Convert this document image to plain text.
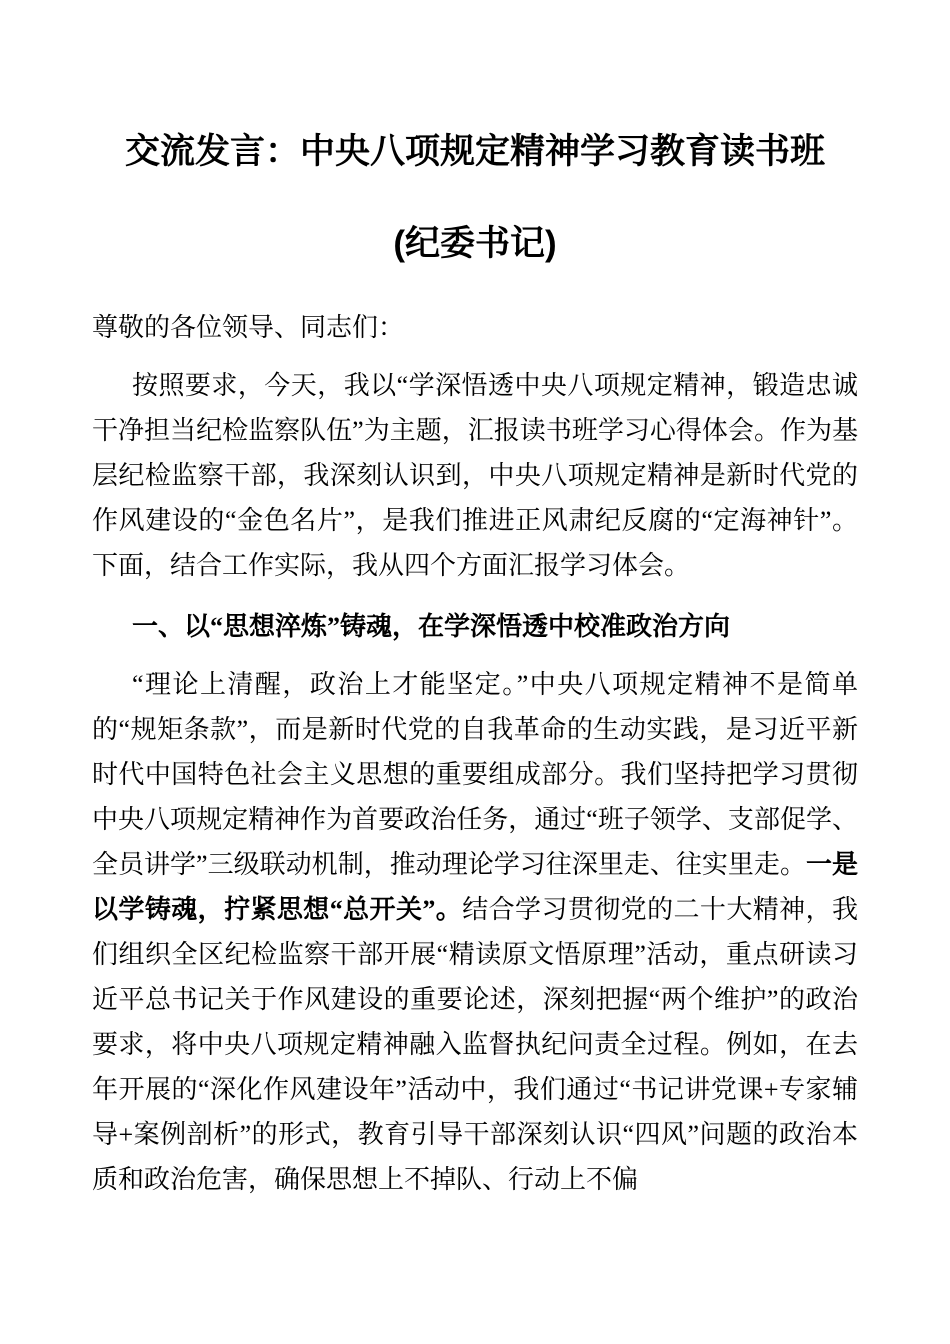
交流发言：中央八项规定精神学习教育读书班
(纪委书记)

尊敬的各位领导、同志们：

按照要求，今天，我以“学深悟透中央八项规定精神，锻造忠诚干净担当纪检监察队伍”为主题，汇报读书班学习心得体会。作为基层纪检监察干部，我深刻认识到，中央八项规定精神是新时代党的作风建设的“金色名片”，是我们推进正风肃纪反腐的“定海神针”。下面，结合工作实际，我从四个方面汇报学习体会。

一、以“思想淬炼”铸魂，在学深悟透中校准政治方向

“理论上清醒，政治上才能坚定。”中央八项规定精神不是简单的“规矩条款”，而是新时代党的自我革命的生动实践，是习近平新时代中国特色社会主义思想的重要组成部分。我们坚持把学习贯彻中央八项规定精神作为首要政治任务，通过“班子领学、支部促学、全员讲学”三级联动机制，推动理论学习往深里走、往实里走。一是以学铸魂，拧紧思想“总开关”。结合学习贯彻党的二十大精神，我们组织全区纪检监察干部开展“精读原文悟原理”活动，重点研读习近平总书记关于作风建设的重要论述，深刻把握“两个维护”的政治要求，将中央八项规定精神融入监督执纪问责全过程。例如，在去年开展的“深化作风建设年”活动中，我们通过“书记讲党课+专家辅导+案例剖析”的形式，教育引导干部深刻认识“四风”问题的政治本质和政治危害，确保思想上不掉队、行动上不偏
